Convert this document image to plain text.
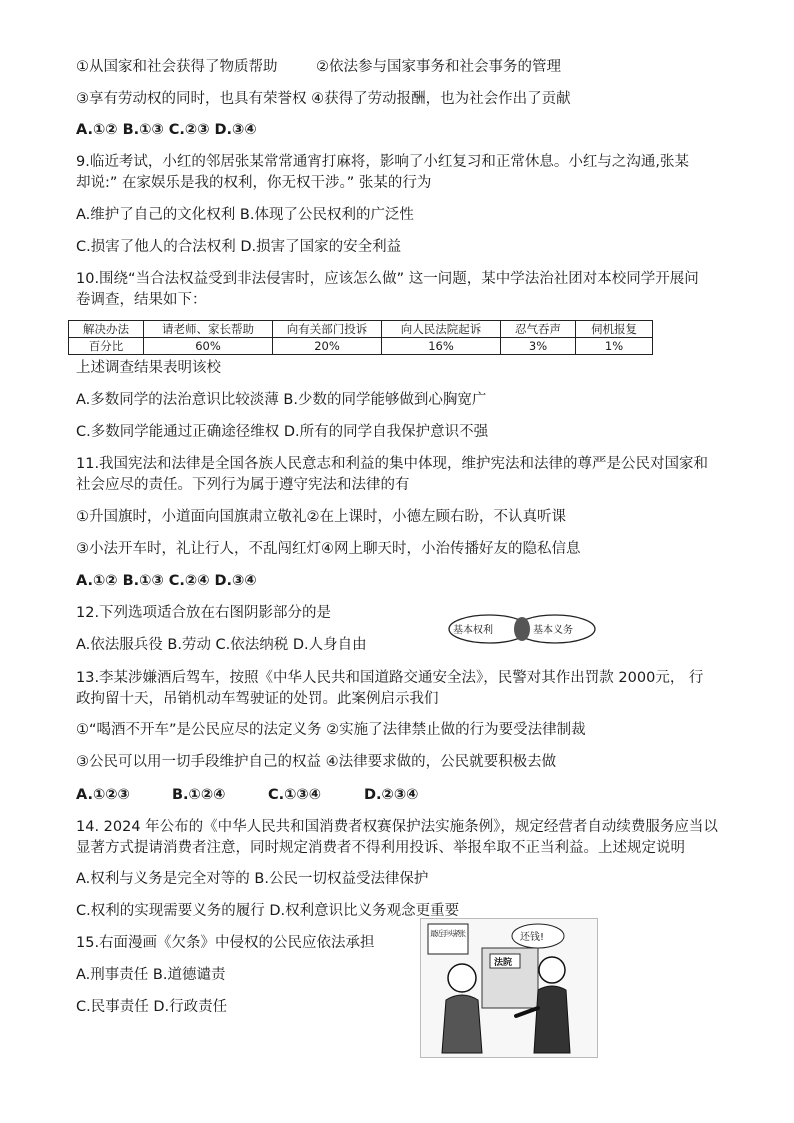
①从国家和社会获得了物质帮助	②依法参与国家事务和社会事务的管理
③享有劳动权的同时，也具有荣誉权 ④获得了劳动报酬，也为社会作出了贡献
A.①② B.①③ C.②③ D.③④
9.临近考试，小红的邻居张某常常通宵打麻将，影响了小红复习和正常休息。小红与之沟通,张某
却说:” 在家娱乐是我的权利，你无权干涉。” 张某的行为
A.维护了自己的文化权利 B.体现了公民权利的广泛性
C.损害了他人的合法权利 D.损害了国家的安全利益
10.围绕“当合法权益受到非法侵害时，应该怎么做” 这一问题，某中学法治社团对本校同学开展问
卷调查，结果如下：
解决办法	请老师、家长帮助	向有关部门投诉	向人民法院起诉	忍气吞声	伺机报复
百分比	60%	20%	16%	3%	1%
上述调查结果表明该校
A.多数同学的法治意识比较淡薄 B.少数的同学能够做到心胸宽广
C.多数同学能通过正确途径维权 D.所有的同学自我保护意识不强
11.我国宪法和法律是全国各族人民意志和利益的集中体现，维护宪法和法律的尊严是公民对国家和
社会应尽的责任。下列行为属于遵守宪法和法律的有
①升国旗时，小道面向国旗肃立敬礼②在上课时，小德左顾右盼，不认真听课
③小法开车时，礼让行人，不乱闯红灯④网上聊天时，小治传播好友的隐私信息
A.①② B.①③ C.②④ D.③④
12.下列选项适合放在右图阴影部分的是
A.依法服兵役 B.劳动 C.依法纳税 D.人身自由
基本权利	基本义务
13.李某涉嫌酒后驾车，按照《中华人民共和国道路交通安全法》，民警对其作出罚款 2000元， 行
政拘留十天，吊销机动车驾驶证的处罚。此案例启示我们
①“喝酒不开车”是公民应尽的法定义务 ②实施了法律禁止做的行为要受法律制裁
③公民可以用一切手段维护自己的权益 ④法律要求做的，公民就要积极去做
A.①②③	B.①②④	C.①③④	D.②③④
14. 2024 年公布的《中华人民共和国消费者权赛保护法实施条例》，规定经营者自动续费服务应当以
显著方式提请消费者注意，同时规定消费者不得利用投诉、举报牟取不正当利益。上述规定说明
A.权利与义务是完全对等的 B.公民一切权益受法律保护
C.权利的实现需要义务的履行 D.权利意识比义务观念更重要
15.右面漫画《欠条》中侵权的公民应依法承担
A.刑事责任 B.道德谴责
C.民事责任 D.行政责任
最近手头紧张	还钱!
法院
